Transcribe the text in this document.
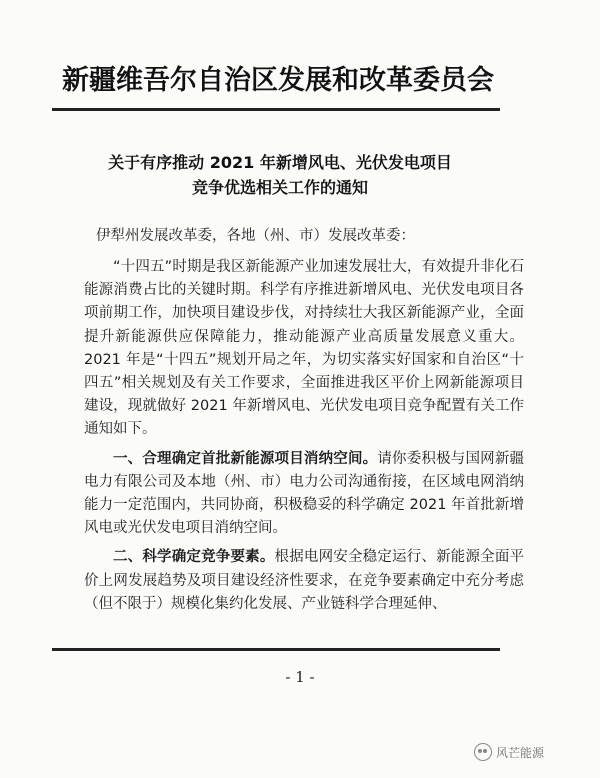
新疆维吾尔自治区发展和改革委员会
关于有序推动 2021 年新增风电、光伏发电项目
竞争优选相关工作的通知
伊犁州发展改革委，各地（州、市）发展改革委：

“十四五”时期是我区新能源产业加速发展壮大，有效提升非化石能源消费占比的关键时期。科学有序推进新增风电、光伏发电项目各项前期工作，加快项目建设步伐，对持续壮大我区新能源产业，全面提升新能源供应保障能力，推动能源产业高质量发展意义重大。2021 年是“十四五”规划开局之年，为切实落实好国家和自治区“十四五”相关规划及有关工作要求，全面推进我区平价上网新能源项目建设，现就做好 2021 年新增风电、光伏发电项目竞争配置有关工作通知如下。

一、合理确定首批新能源项目消纳空间。请你委积极与国网新疆电力有限公司及本地（州、市）电力公司沟通衔接，在区域电网消纳能力一定范围内，共同协商，积极稳妥的科学确定 2021 年首批新增风电或光伏发电项目消纳空间。

二、科学确定竞争要素。根据电网安全稳定运行、新能源全面平价上网发展趋势及项目建设经济性要求，在竞争要素确定中充分考虑（但不限于）规模化集约化发展、产业链科学合理延伸、

- 1 -
风芒能源
